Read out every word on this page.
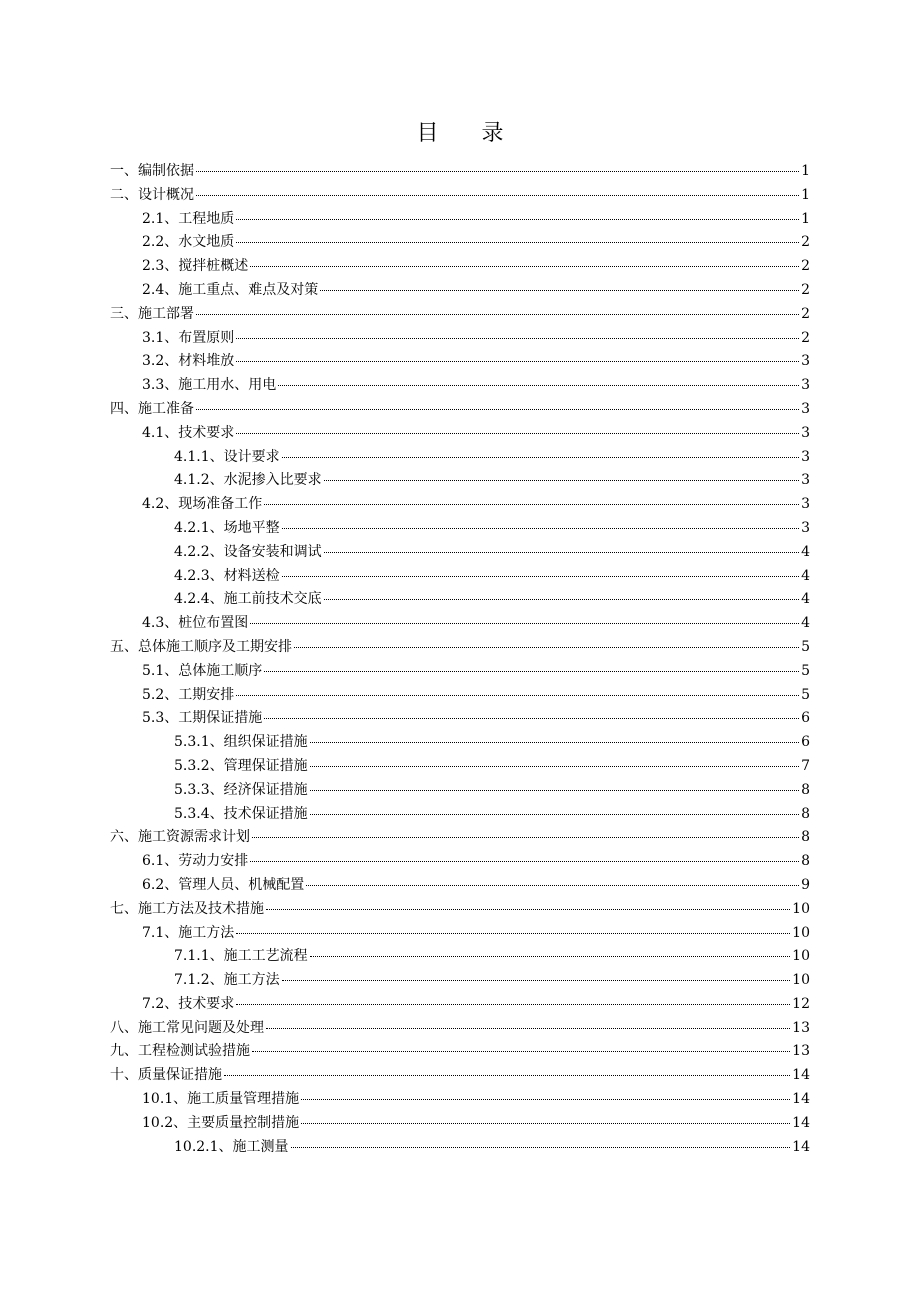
目 录
一、编制依据	1
二、设计概况	1
2.1、工程地质	1
2.2、水文地质	2
2.3、搅拌桩概述	2
2.4、施工重点、难点及对策	2
三、施工部署	2
3.1、布置原则	2
3.2、材料堆放	3
3.3、施工用水、用电	3
四、施工准备	3
4.1、技术要求	3
4.1.1、设计要求	3
4.1.2、水泥掺入比要求	3
4.2、现场准备工作	3
4.2.1、场地平整	3
4.2.2、设备安装和调试	4
4.2.3、材料送检	4
4.2.4、施工前技术交底	4
4.3、桩位布置图	4
五、总体施工顺序及工期安排	5
5.1、总体施工顺序	5
5.2、工期安排	5
5.3、工期保证措施	6
5.3.1、组织保证措施	6
5.3.2、管理保证措施	7
5.3.3、经济保证措施	8
5.3.4、技术保证措施	8
六、施工资源需求计划	8
6.1、劳动力安排	8
6.2、管理人员、机械配置	9
七、施工方法及技术措施	10
7.1、施工方法	10
7.1.1、施工工艺流程	10
7.1.2、施工方法	10
7.2、技术要求	12
八、施工常见问题及处理	13
九、工程检测试验措施	13
十、质量保证措施	14
10.1、施工质量管理措施	14
10.2、主要质量控制措施	14
10.2.1、施工测量	14
